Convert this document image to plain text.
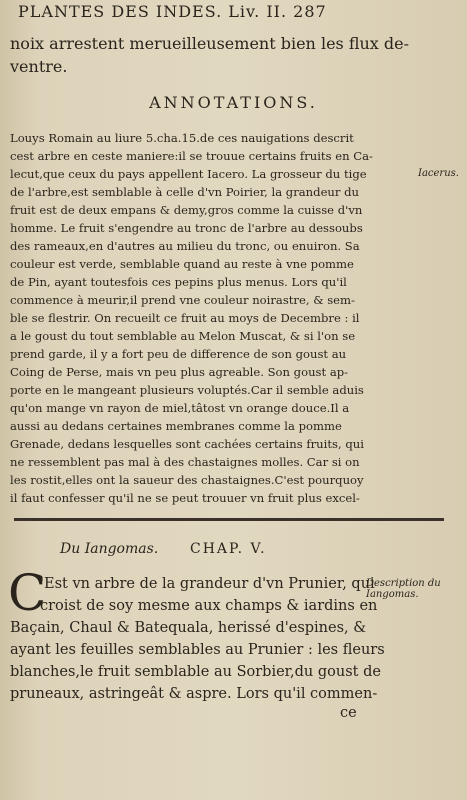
PLANTES DES INDES. Liv. II. 287
noix arrestent merueilleusement bien les flux de-
ventre.
ANNOTATIONS.
Louys Romain au liure 5.cha.15.de ces nauigations descrit
cest arbre en ceste maniere:il se trouue certains fruits en Ca-
lecut,que ceux du pays appellent Iacero. La grosseur du tige
de l'arbre,est semblable à celle d'vn Poirier, la grandeur du
fruit est de deux empans & demy,gros comme la cuisse d'vn
homme. Le fruit s'engendre au tronc de l'arbre au dessoubs
des rameaux,en d'autres au milieu du tronc, ou enuiron. Sa
couleur est verde, semblable quand au reste à vne pomme
de Pin, ayant toutesfois ces pepins plus menus. Lors qu'il
commence à meurir,il prend vne couleur noirastre, & sem-
ble se flestrir. On recueilt ce fruit au moys de Decembre : il
a le goust du tout semblable au Melon Muscat, & si l'on se
prend garde, il y a fort peu de difference de son goust au
Coing de Perse, mais vn peu plus agreable. Son goust ap-
porte en le mangeant plusieurs voluptés.Car il semble aduis
qu'on mange vn rayon de miel,tâtost vn orange douce.Il a
aussi au dedans certaines membranes comme la pomme
Grenade, dedans lesquelles sont cachées certains fruits, qui
ne ressemblent pas mal à des chastaignes molles. Car si on
les rostit,elles ont la saueur des chastaignes.C'est pourquoy
il faut confesser qu'il ne se peut trouuer vn fruit plus excel-
Iacerus.
Du Iangomas. CHAP. V.
C
'Est vn arbre de la grandeur d'vn Prunier, qui
croist de soy mesme aux champs & iardins en
Baçain, Chaul & Batequala, herissé d'espines, &
ayant les feuilles semblables au Prunier : les fleurs
blanches,le fruit semblable au Sorbier,du goust de
pruneaux, astringeât & aspre. Lors qu'il commen-
ce
Description du Iangomas.
